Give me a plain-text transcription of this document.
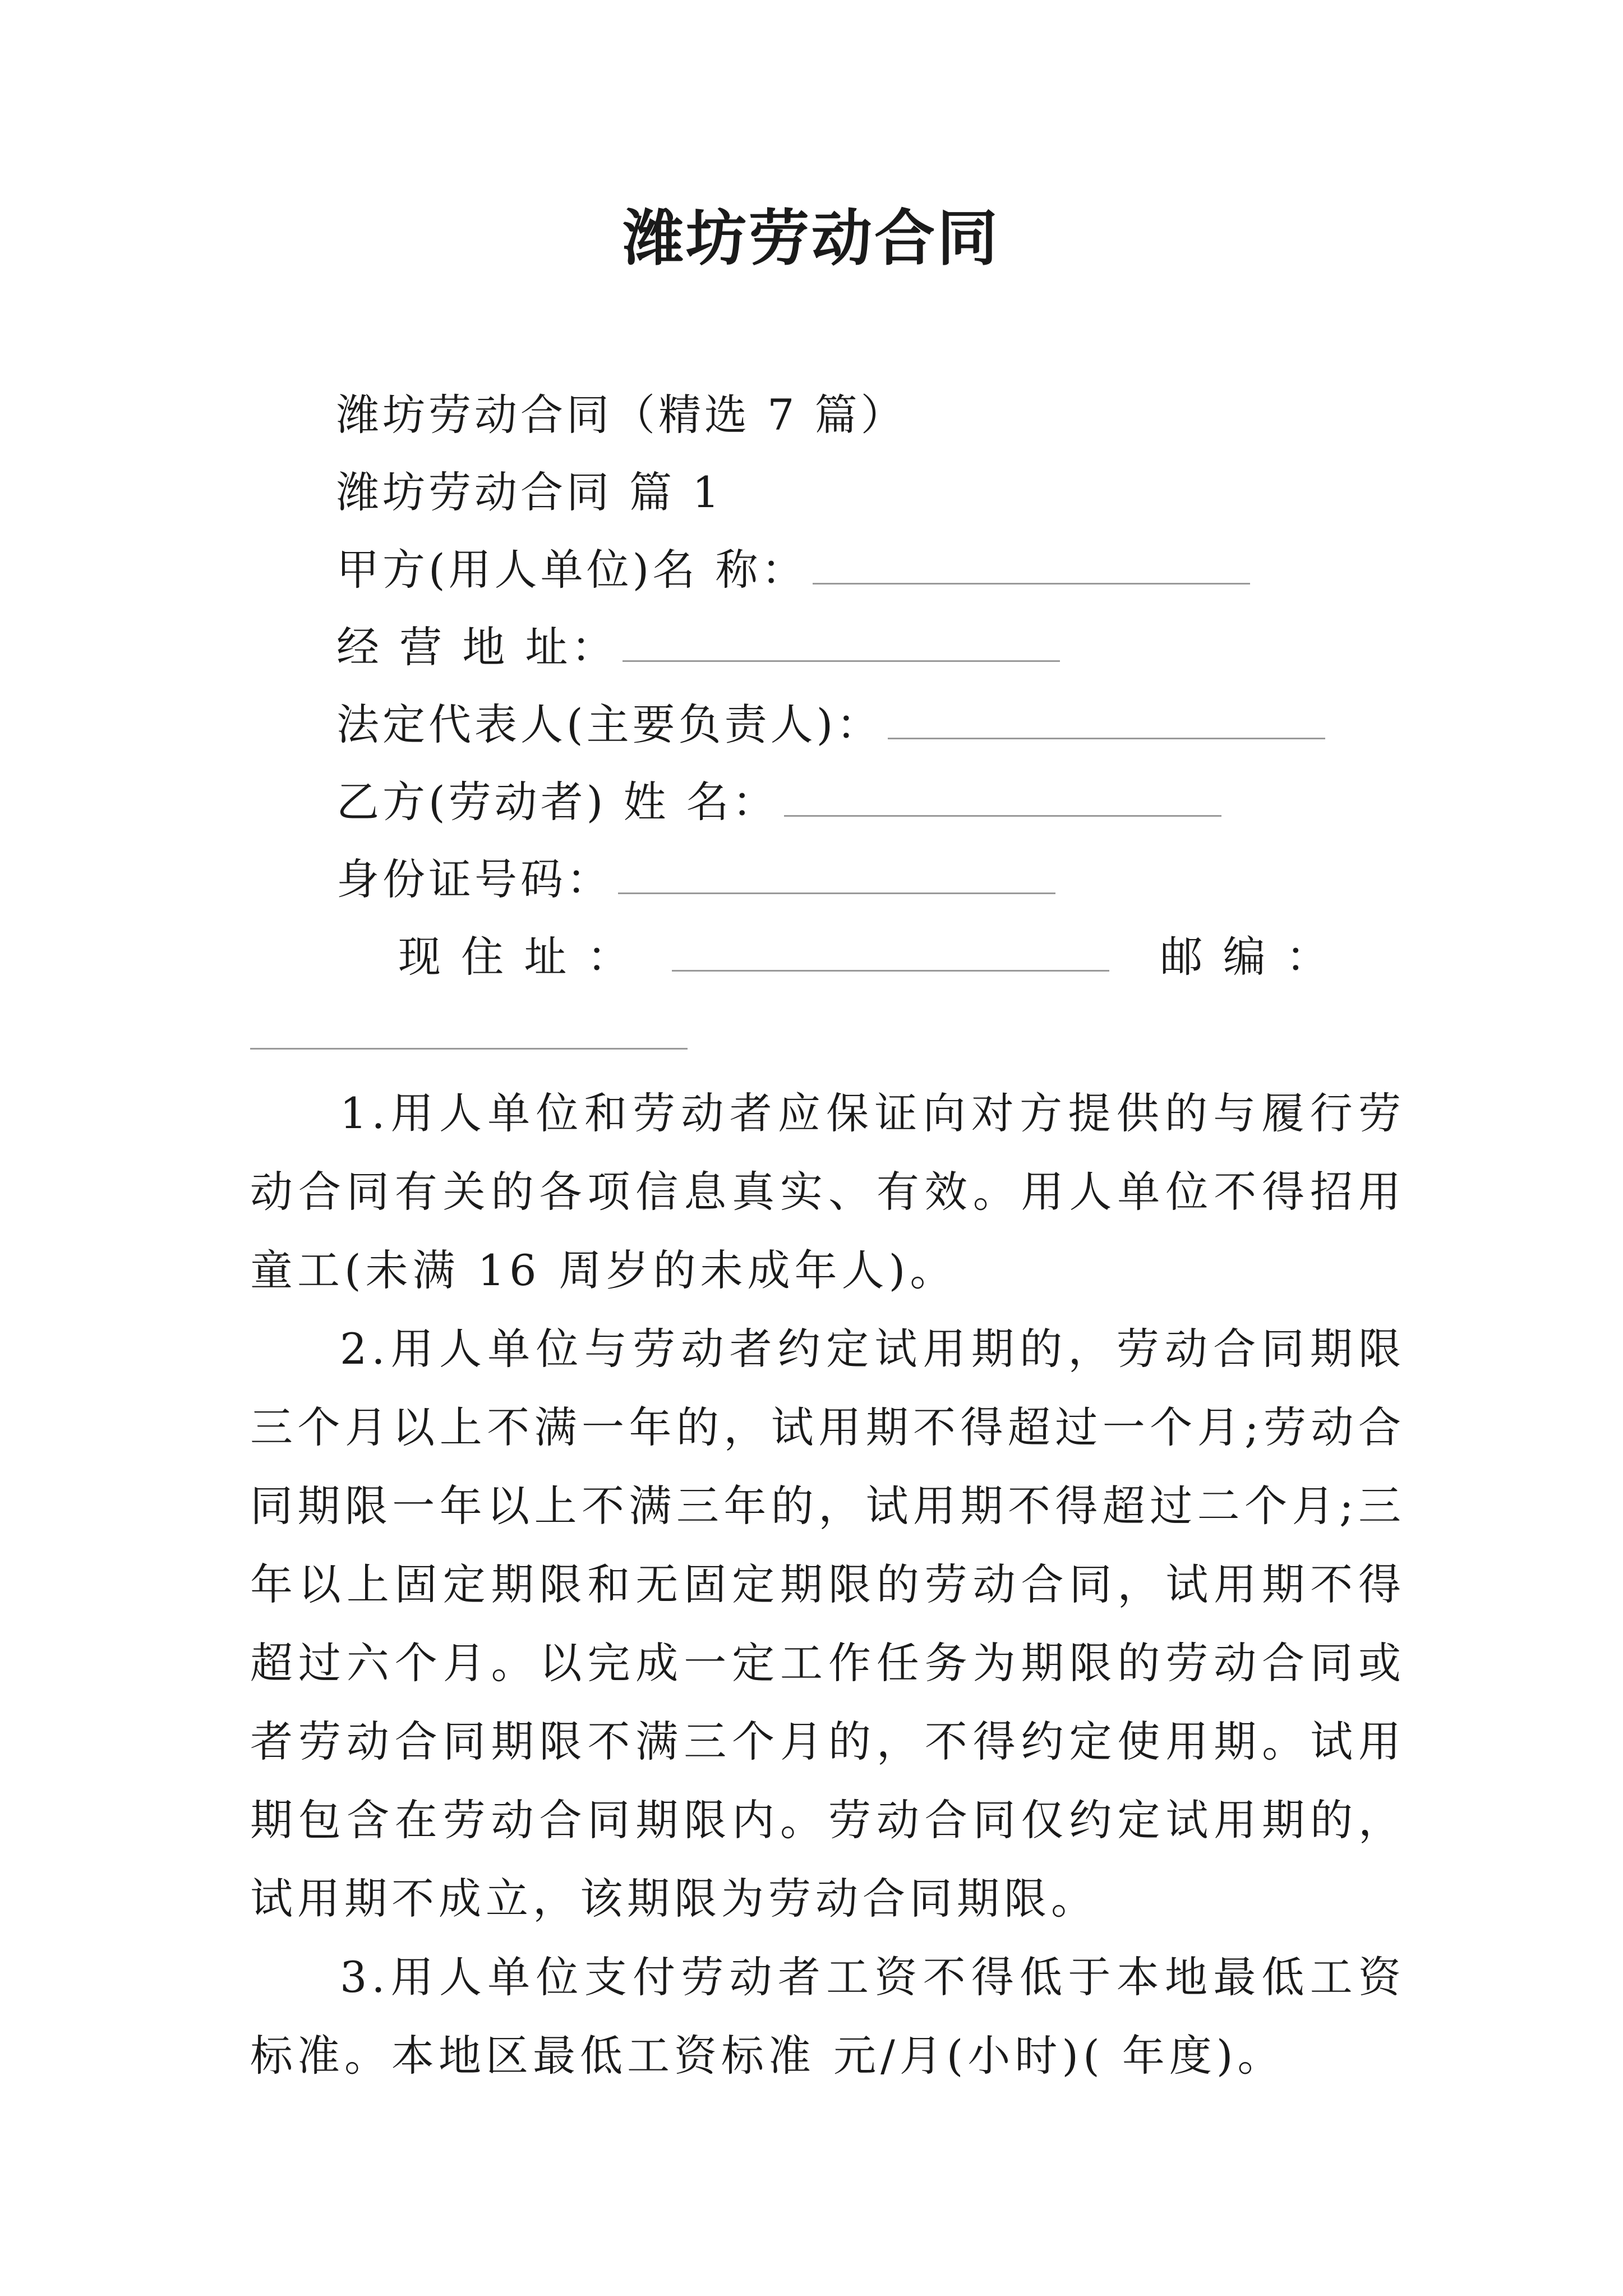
潍坊劳动合同
潍坊劳动合同（精选 7 篇）
潍坊劳动合同 篇 1
甲方(用人单位)名 称：
经 营 地 址：
法定代表人(主要负责人)：
乙方(劳动者) 姓 名：
身份证号码：
现 住 址 ：	邮 编 ：
1.用人单位和劳动者应保证向对方提供的与履行劳动合同有关的各项信息真实、有效。用人单位不得招用童工(未满 16 周岁的未成年人)。
2.用人单位与劳动者约定试用期的，劳动合同期限三个月以上不满一年的，试用期不得超过一个月;劳动合同期限一年以上不满三年的，试用期不得超过二个月;三年以上固定期限和无固定期限的劳动合同，试用期不得超过六个月。以完成一定工作任务为期限的劳动合同或者劳动合同期限不满三个月的，不得约定使用期。试用期包含在劳动合同期限内。劳动合同仅约定试用期的，试用期不成立，该期限为劳动合同期限。
3.用人单位支付劳动者工资不得低于本地最低工资标准。本地区最低工资标准 元/月(小时)( 年度)。
